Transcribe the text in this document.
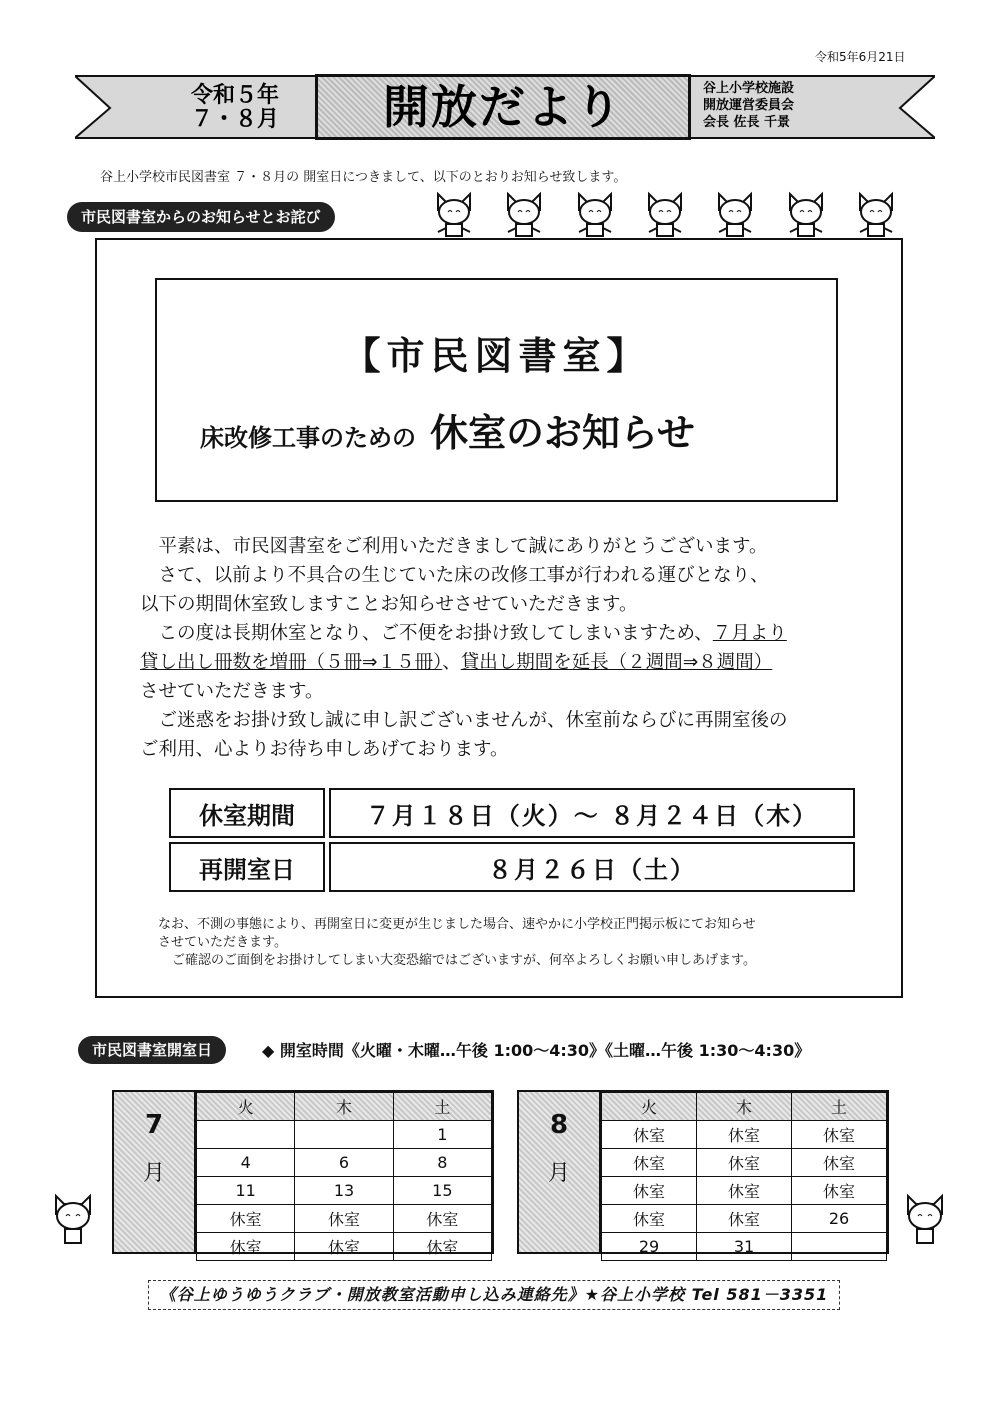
令和5年6月21日
令和５年
７・８月	開放だより	谷上小学校施設
開放運営委員会
会長 佐長 千景
谷上小学校市民図書室 ７・８月の 開室日につきまして、以下のとおりお知らせ致します。
市民図書室からのお知らせとお詫び
【市民図書室】
床改修工事のための 休室のお知らせ

　平素は、市民図書室をご利用いただきまして誠にありがとうございます。

　さて、以前より不具合の生じていた床の改修工事が行われる運びとなり、

以下の期間休室致しますことお知らせさせていただきます。

　この度は長期休室となり、ご不便をお掛け致してしまいますため、７月より

貸し出し冊数を増冊（５冊⇒１５冊）、貸出し期間を延長（２週間⇒８週間）

させていただきます。

　ご迷惑をお掛け致し誠に申し訳ございませんが、休室前ならびに再開室後の

ご利用、心よりお待ち申しあげております。

休室期間	７月１８日（火）～ ８月２４日（木）
再開室日	８月２６日（土）
なお、不測の事態により、再開室日に変更が生じました場合、速やかに小学校正門掲示板にてお知らせ
させていただきます。
ご確認のご面倒をお掛けしてしまい大変恐縮ではございますが、何卒よろしくお願い申しあげます。
市民図書室開室日	◆ 開室時間《火曜・木曜…午後 1:00～4:30》《土曜…午後 1:30～4:30》
7
月
火	木	土
		1
4	6	8
11	13	15
休室	休室	休室
休室	休室	休室
8
月
火	木	土
休室	休室	休室
休室	休室	休室
休室	休室	休室
休室	休室	26
29	31	
《谷上ゆうゆうクラブ・開放教室活動申し込み連絡先》★谷上小学校 Tel 581－3351
